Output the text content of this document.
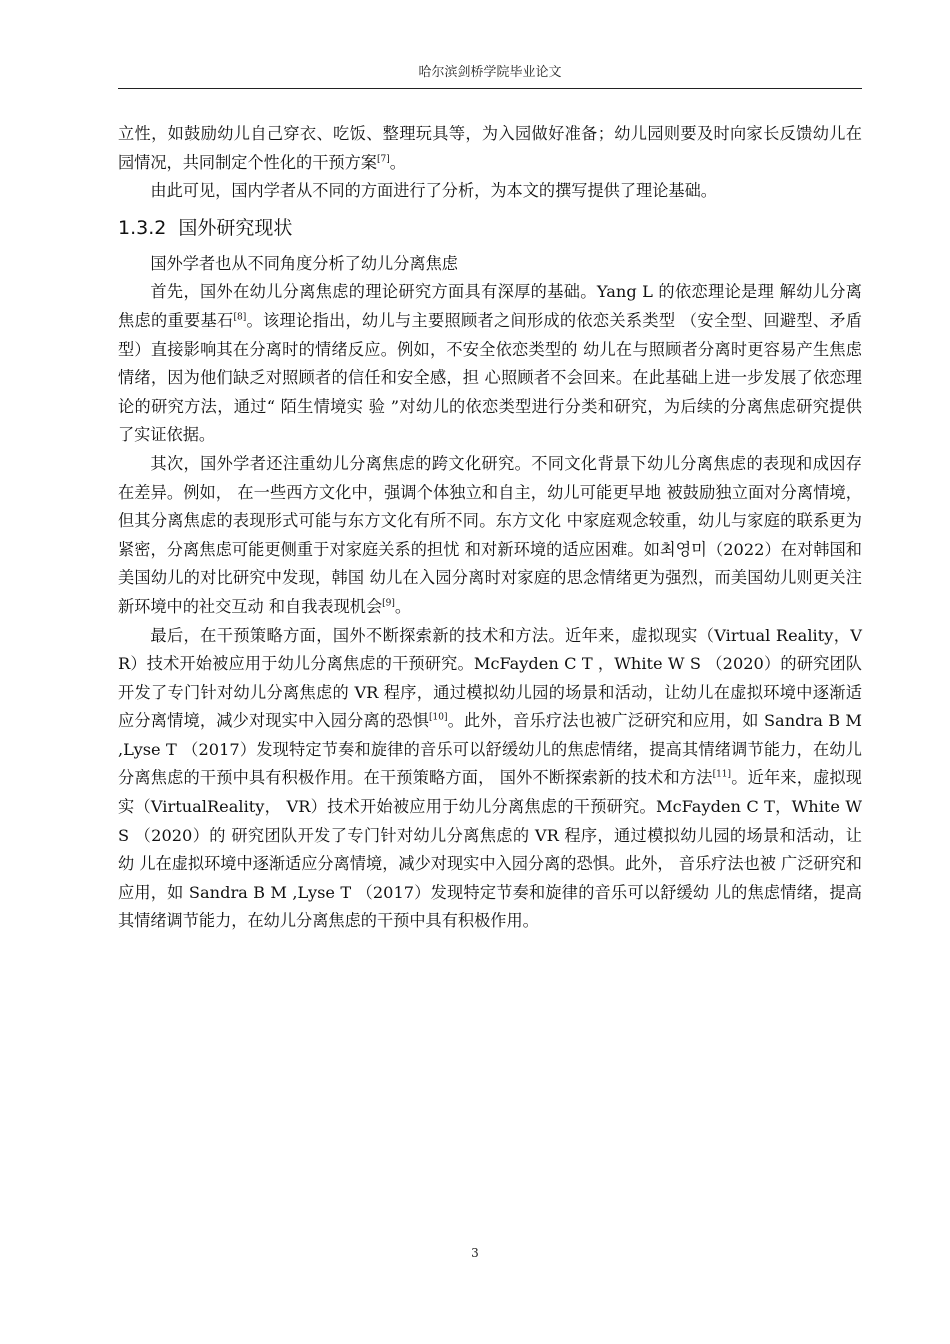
哈尔滨剑桥学院毕业论文

立性，如鼓励幼儿自己穿衣、吃饭、整理玩具等，为入园做好准备；幼儿园则要及时向家长反馈幼儿在园情况，共同制定个性化的干预方案[7]。

由此可见，国内学者从不同的方面进行了分析，为本文的撰写提供了理论基础。

1.3.2 国外研究现状

国外学者也从不同角度分析了幼儿分离焦虑

首先，国外在幼儿分离焦虑的理论研究方面具有深厚的基础。Yang L 的依恋理论是理 解幼儿分离焦虑的重要基石[8]。该理论指出，幼儿与主要照顾者之间形成的依恋关系类型 （安全型、回避型、矛盾型）直接影响其在分离时的情绪反应。例如，不安全依恋类型的 幼儿在与照顾者分离时更容易产生焦虑情绪，因为他们缺乏对照顾者的信任和安全感，担 心照顾者不会回来。在此基础上进一步发展了依恋理论的研究方法，通过“ 陌生情境实 验 ”对幼儿的依恋类型进行分类和研究，为后续的分离焦虑研究提供了实证依据。

其次，国外学者还注重幼儿分离焦虑的跨文化研究。不同文化背景下幼儿分离焦虑的表现和成因存在差异。例如， 在一些西方文化中，强调个体独立和自主，幼儿可能更早地 被鼓励独立面对分离情境，但其分离焦虑的表现形式可能与东方文化有所不同。东方文化 中家庭观念较重，幼儿与家庭的联系更为紧密，分离焦虑可能更侧重于对家庭关系的担忧 和对新环境的适应困难。如최영미（2022）在对韩国和美国幼儿的对比研究中发现，韩国 幼儿在入园分离时对家庭的思念情绪更为强烈，而美国幼儿则更关注新环境中的社交互动 和自我表现机会[9]。

最后，在干预策略方面，国外不断探索新的技术和方法。近年来，虚拟现实（Virtual Reality，VR）技术开始被应用于幼儿分离焦虑的干预研究。McFayden C T ，White W S （2020）的研究团队开发了专门针对幼儿分离焦虑的 VR 程序，通过模拟幼儿园的场景和活动，让幼儿在虚拟环境中逐渐适应分离情境，减少对现实中入园分离的恐惧[10]。此外，音乐疗法也被广泛研究和应用，如 Sandra B M ,Lyse T （2017）发现特定节奏和旋律的音乐可以舒缓幼儿的焦虑情绪，提高其情绪调节能力，在幼儿分离焦虑的干预中具有积极作用。在干预策略方面， 国外不断探索新的技术和方法[11]。近年来，虚拟现实（VirtualReality， VR）技术开始被应用于幼儿分离焦虑的干预研究。McFayden C T，White W S （2020）的 研究团队开发了专门针对幼儿分离焦虑的 VR 程序，通过模拟幼儿园的场景和活动，让幼 儿在虚拟环境中逐渐适应分离情境，减少对现实中入园分离的恐惧。此外， 音乐疗法也被 广泛研究和应用，如 Sandra B M ,Lyse T （2017）发现特定节奏和旋律的音乐可以舒缓幼 儿的焦虑情绪，提高其情绪调节能力，在幼儿分离焦虑的干预中具有积极作用。

3
